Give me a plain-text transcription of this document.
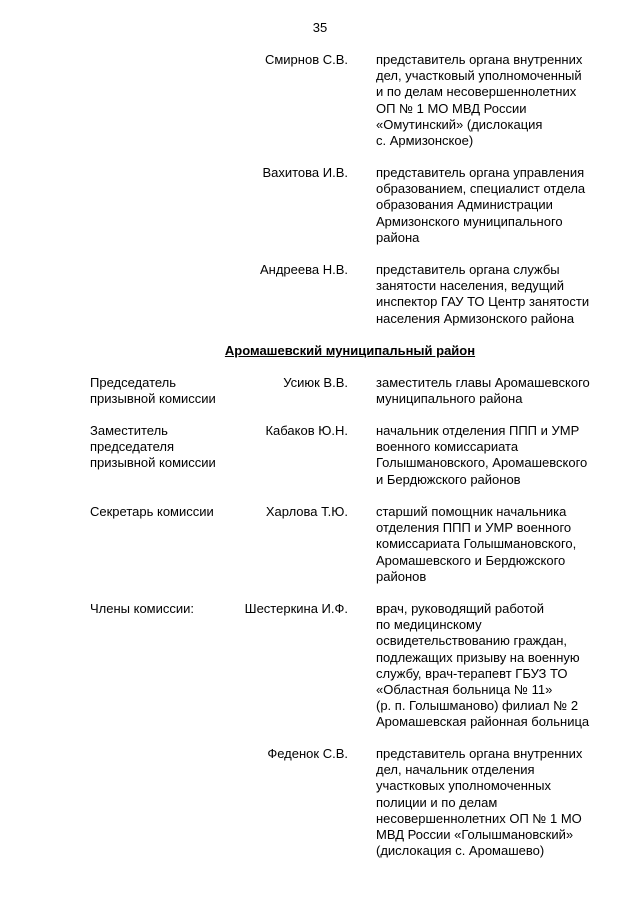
35
Смирнов С.В. представитель органа внутренних
дел, участковый уполномоченный
и по делам несовершеннолетних
ОП № 1 МО МВД России
«Омутинский» (дислокация
с. Армизонское)
Вахитова И.В. представитель органа управления
образованием, специалист отдела
образования Администрации
Армизонского муниципального
района
Андреева Н.В. представитель органа службы
занятости населения, ведущий
инспектор ГАУ ТО Центр занятости
населения Армизонского района
Аромашевский муниципальный район
Председатель
призывной комиссии
Усиюк В.В. заместитель главы Аромашевского
муниципального района
Заместитель
председателя
призывной комиссии
Кабаков Ю.Н. начальник отделения ППП и УМР
военного комиссариата
Голышмановского, Аромашевского
и Бердюжского районов
Секретарь комиссии	Харлова Т.Ю. старший помощник начальника
отделения ППП и УМР военного
комиссариата Голышмановского,
Аромашевского и Бердюжского
районов
Члены комиссии:	Шестеркина И.Ф. врач, руководящий работой
по медицинскому
освидетельствованию граждан,
подлежащих призыву на военную
службу, врач-терапевт ГБУЗ ТО
«Областная больница № 11»
(р. п. Голышманово) филиал № 2
Аромашевская районная больница
Феденок С.В. представитель органа внутренних
дел, начальник отделения
участковых уполномоченных
полиции и по делам
несовершеннолетних ОП № 1 МО
МВД России «Голышмановский»
(дислокация с. Аромашево)
